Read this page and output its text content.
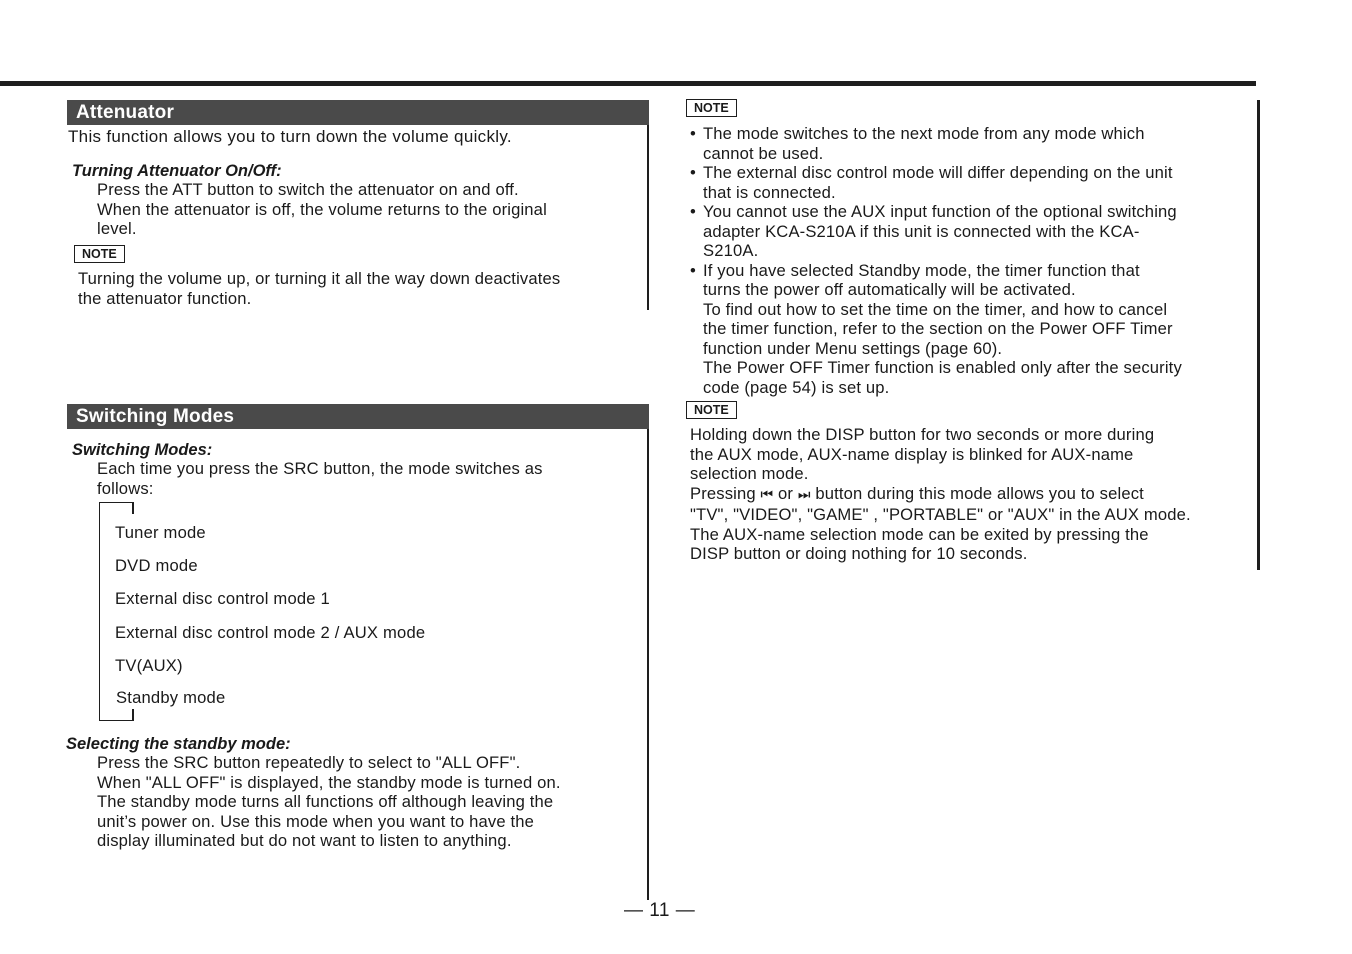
Attenuator
This function allows you to turn down the volume quickly.
Turning Attenuator On/Off:
Press the ATT button to switch the attenuator on and off.
When the attenuator is off, the volume returns to the original
level.
NOTE
Turning the volume up, or turning it all the way down deactivates
the attenuator function.
Switching Modes
Switching Modes:
Each time you press the SRC button, the mode switches as
follows:
Tuner mode
DVD mode
External disc control mode 1
External disc control mode 2 / AUX mode
TV(AUX)
Standby mode
Selecting the standby mode:
Press the SRC button repeatedly to select to "ALL OFF".
When "ALL OFF" is displayed, the standby mode is turned on.
The standby mode turns all functions off although leaving the
unit’s power on. Use this mode when you want to have the
display illuminated but do not want to listen to anything.
NOTE
• The mode switches to the next mode from any mode which
cannot be used.
• The external disc control mode will differ depending on the unit
that is connected.
• You cannot use the AUX input function of the optional switching
adapter KCA-S210A if this unit is connected with the KCA-
S210A.
• If you have selected Standby mode, the timer function that
turns the power off automatically will be activated.
To find out how to set the time on the timer, and how to cancel
the timer function, refer to the section on the Power OFF Timer
function under Menu settings (page 60).
The Power OFF Timer function is enabled only after the security
code (page 54) is set up.
NOTE
Holding down the DISP button for two seconds or more during
the AUX mode, AUX-name display is blinked for AUX-name
selection mode.
Pressing ⏮ or ⏭ button during this mode allows you to select
"TV", "VIDEO", "GAME" , "PORTABLE" or "AUX" in the AUX mode.
The AUX-name selection mode can be exited by pressing the
DISP button or doing nothing for 10 seconds.
— 11 —
